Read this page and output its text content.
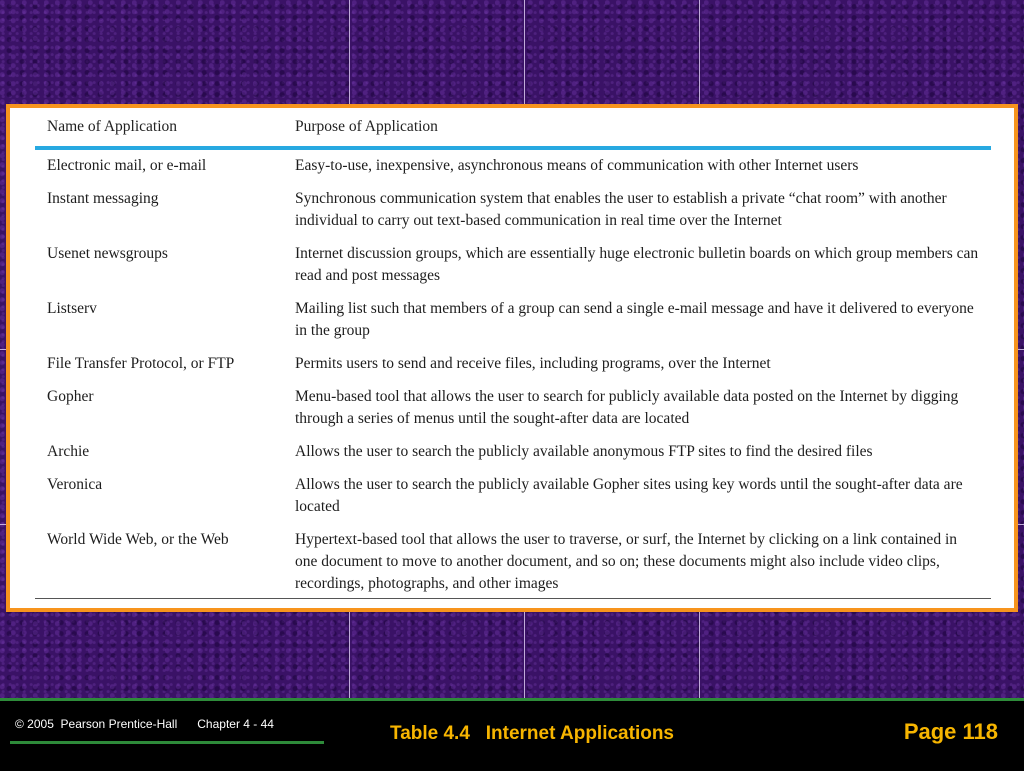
Name of Application	Purpose of Application
Electronic mail, or e-mail	Easy-to-use, inexpensive, asynchronous means of communication with other Internet users
Instant messaging	Synchronous communication system that enables the user to establish a private “chat room” with another individual to carry out text-based communication in real time over the Internet
Usenet newsgroups	Internet discussion groups, which are essentially huge electronic bulletin boards on which group members can read and post messages
Listserv	Mailing list such that members of a group can send a single e-mail message and have it delivered to everyone in the group
File Transfer Protocol, or FTP	Permits users to send and receive files, including programs, over the Internet
Gopher	Menu-based tool that allows the user to search for publicly available data posted on the Internet by digging through a series of menus until the sought-after data are located
Archie	Allows the user to search the publicly available anonymous FTP sites to find the desired files
Veronica	Allows the user to search the publicly available Gopher sites using key words until the sought-after data are located
World Wide Web, or the Web	Hypertext-based tool that allows the user to traverse, or surf, the Internet by clicking on a link contained in one document to move to another document, and so on; these documents might also include video clips, recordings, photographs, and other images
© 2005  Pearson Prentice-Hall      Chapter 4 - 44	Table 4.4   Internet Applications	Page 118
